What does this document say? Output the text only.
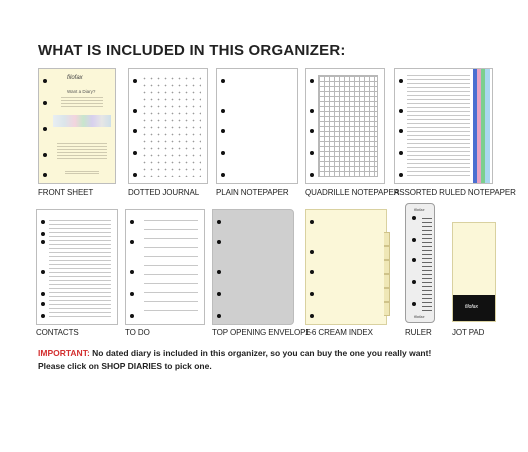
WHAT IS INCLUDED IN THIS ORGANIZER:
filofax
Want a Diary?
FRONT SHEET	DOTTED JOURNAL PLAIN NOTEPAPER QUADRILLE NOTEPAPER
ASSORTED RULED NOTEPAPER
CONTACTS	TO DO	TOP OPENING ENVELOPE
1-6 CREAM INDEX
filofax
filofax
RULER
filofax
JOT PAD
IMPORTANT: No dated diary is included in this organizer, so you can buy the one you really want!
Please click on SHOP DIARIES to pick one.
